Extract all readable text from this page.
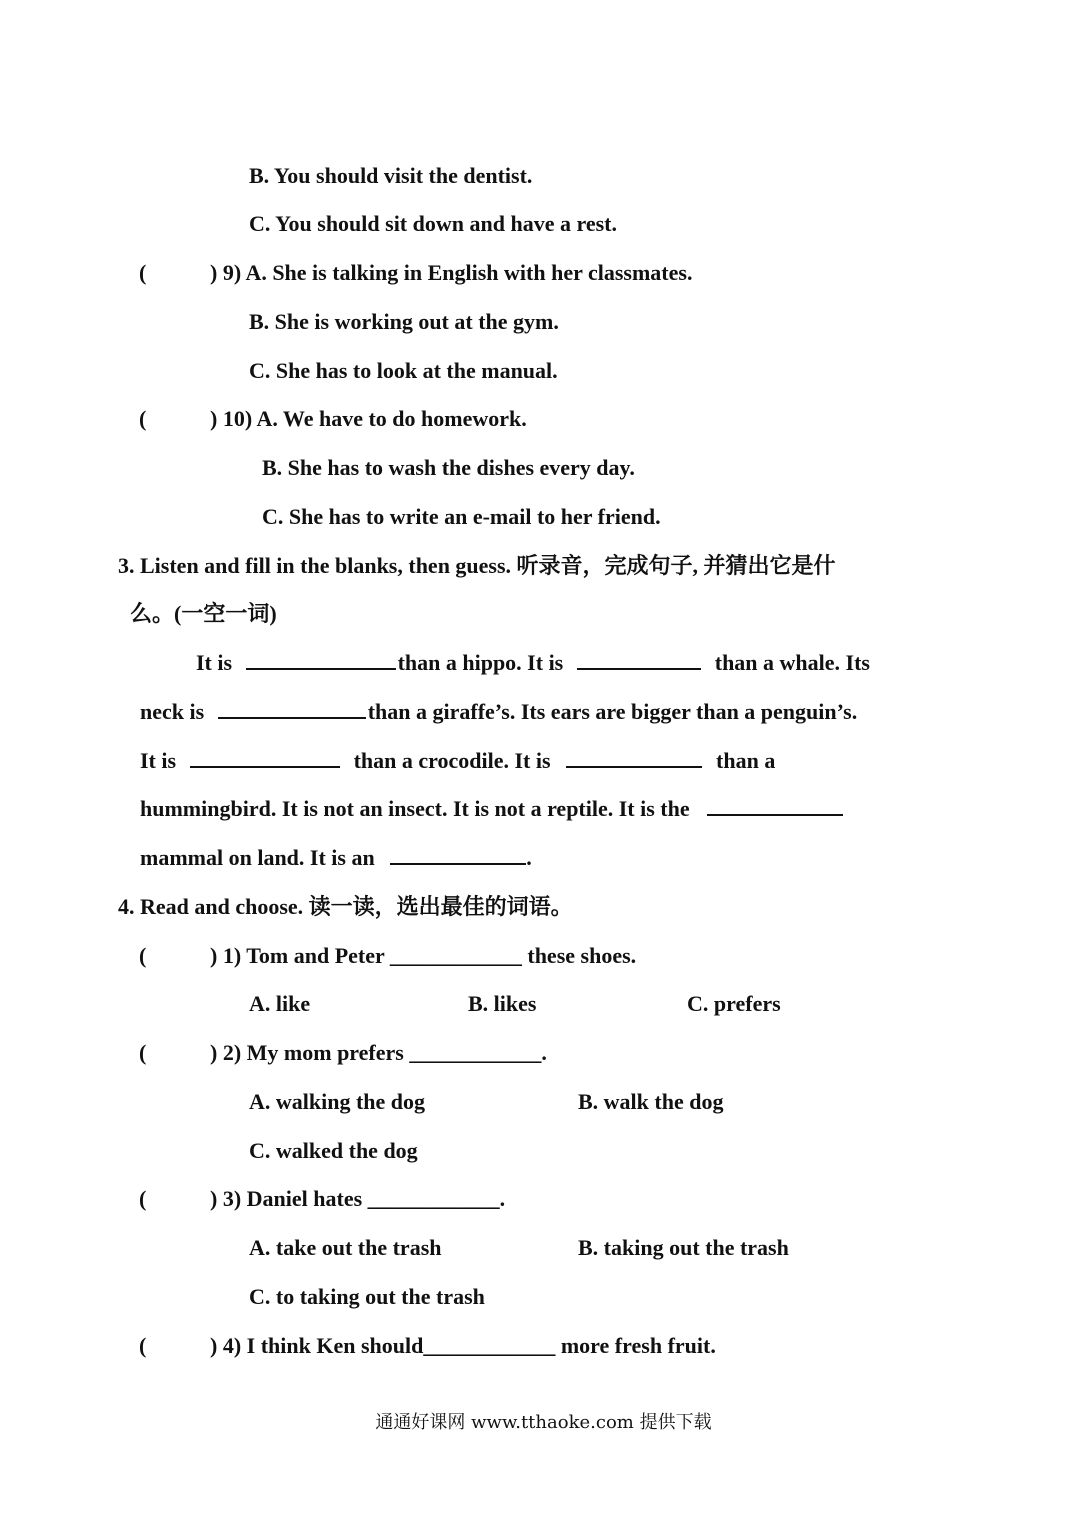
B. You should visit the dentist.
C. You should sit down and have a rest.
(	) 9) A. She is talking in English with her classmates.
B. She is working out at the gym.
C. She has to look at the manual.
(	) 10) A. We have to do homework.
B. She has to wash the dishes every day.
C. She has to write an e-mail to her friend.
3. Listen and fill in the blanks, then guess. 听录音，完成句子, 并猜出它是什
么。(一空一词)
It is	than a hippo. It is	than a whale. Its
neck is	than a giraffe’s. Its ears are bigger than a penguin’s.
It is	than a crocodile. It is	than a
hummingbird. It is not an insect. It is not a reptile. It is the
mammal on land. It is an	.
4. Read and choose. 读一读，选出最佳的词语。
(	) 1) Tom and Peter ____________ these shoes.
A. like	B. likes	C. prefers
(	) 2) My mom prefers ____________.
A. walking the dog	B. walk the dog
C. walked the dog
(	) 3) Daniel hates ____________.
A. take out the trash	B. taking out the trash
C. to taking out the trash
(	) 4) I think Ken should____________ more fresh fruit.
通通好课网 www.tthaoke.com 提供下载
